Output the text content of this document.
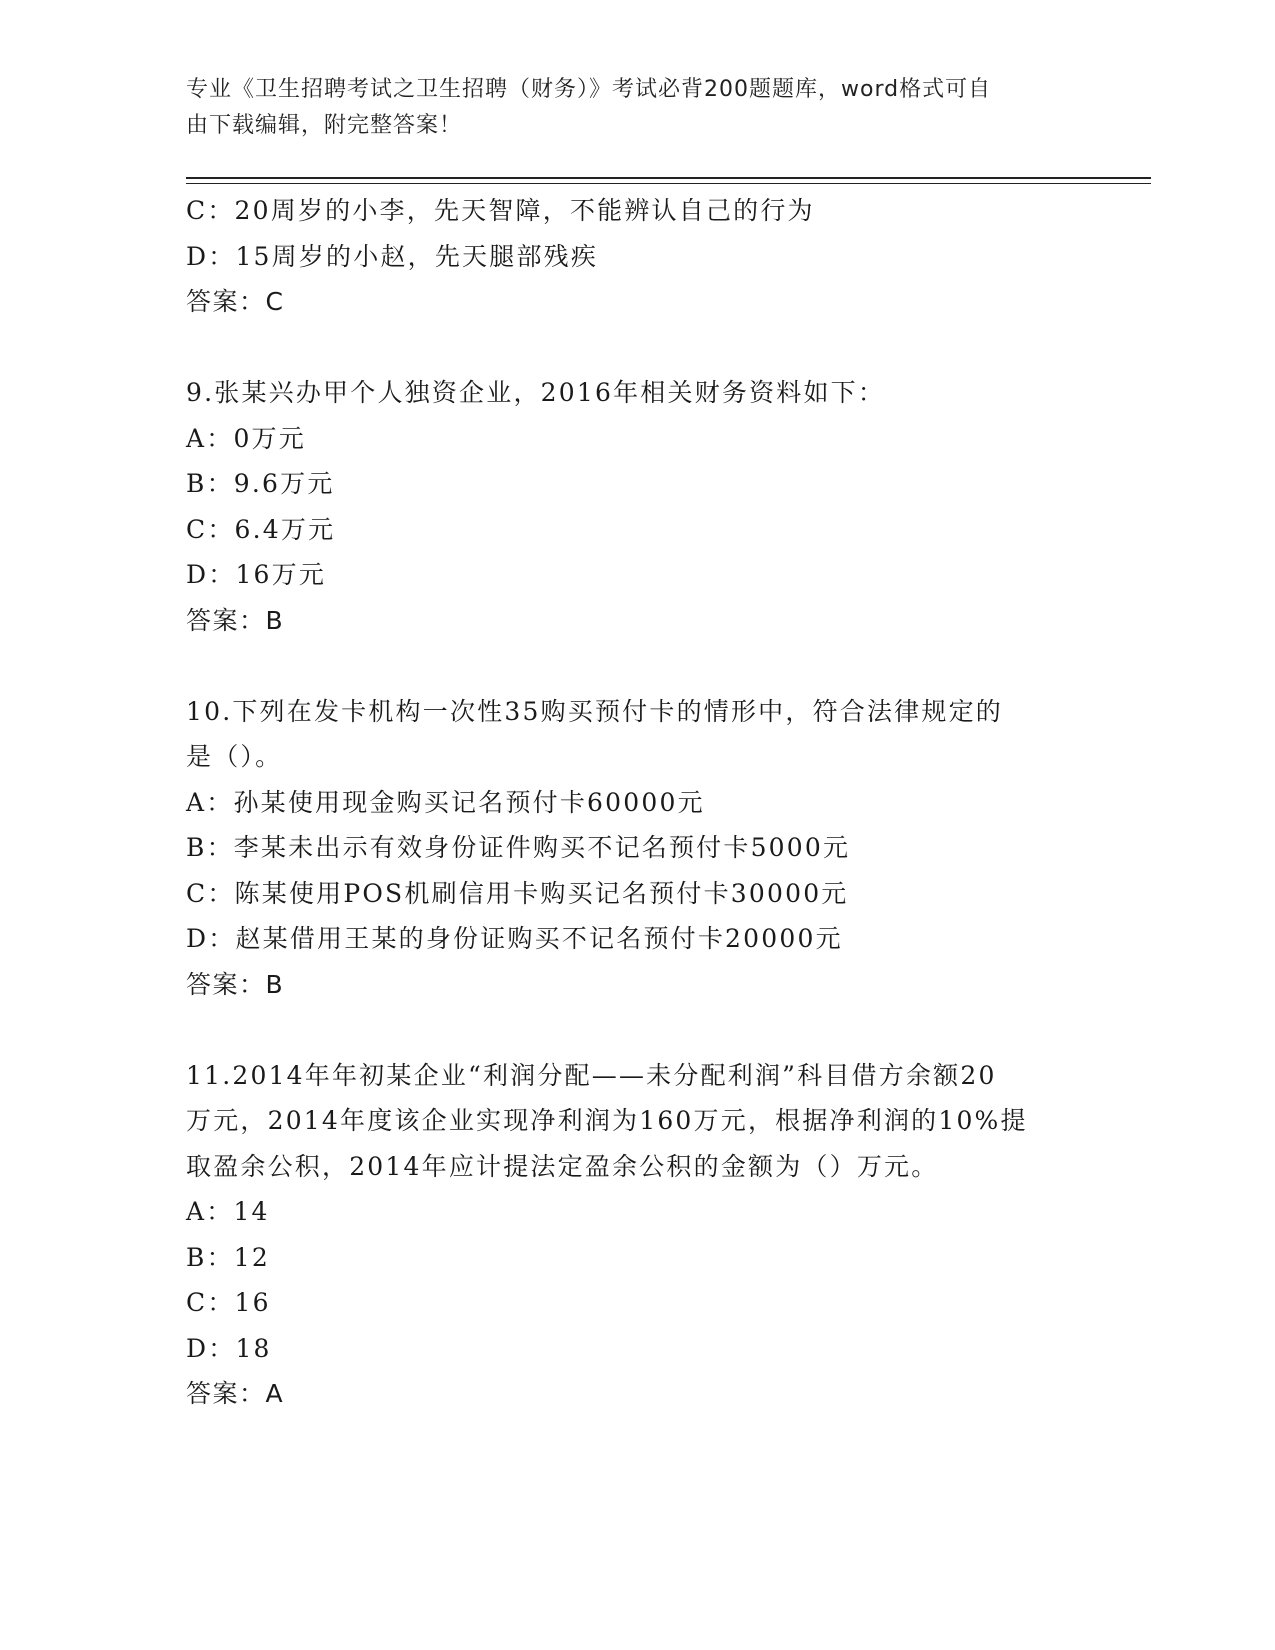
专业《卫生招聘考试之卫生招聘（财务）》考试必背200题题库，word格式可自
由下载编辑，附完整答案！
C：20周岁的小李，先天智障，不能辨认自己的行为
D：15周岁的小赵，先天腿部残疾
答案：C
9.张某兴办甲个人独资企业，2016年相关财务资料如下：
A：0万元
B：9.6万元
C：6.4万元
D：16万元
答案：B
10.下列在发卡机构一次性35购买预付卡的情形中，符合法律规定的
是（）。
A：孙某使用现金购买记名预付卡60000元
B：李某未出示有效身份证件购买不记名预付卡5000元
C：陈某使用POS机刷信用卡购买记名预付卡30000元
D：赵某借用王某的身份证购买不记名预付卡20000元
答案：B
11.2014年年初某企业“利润分配——未分配利润”科目借方余额20
万元，2014年度该企业实现净利润为160万元，根据净利润的10%提
取盈余公积，2014年应计提法定盈余公积的金额为（）万元。
A：14
B：12
C：16
D：18
答案：A
